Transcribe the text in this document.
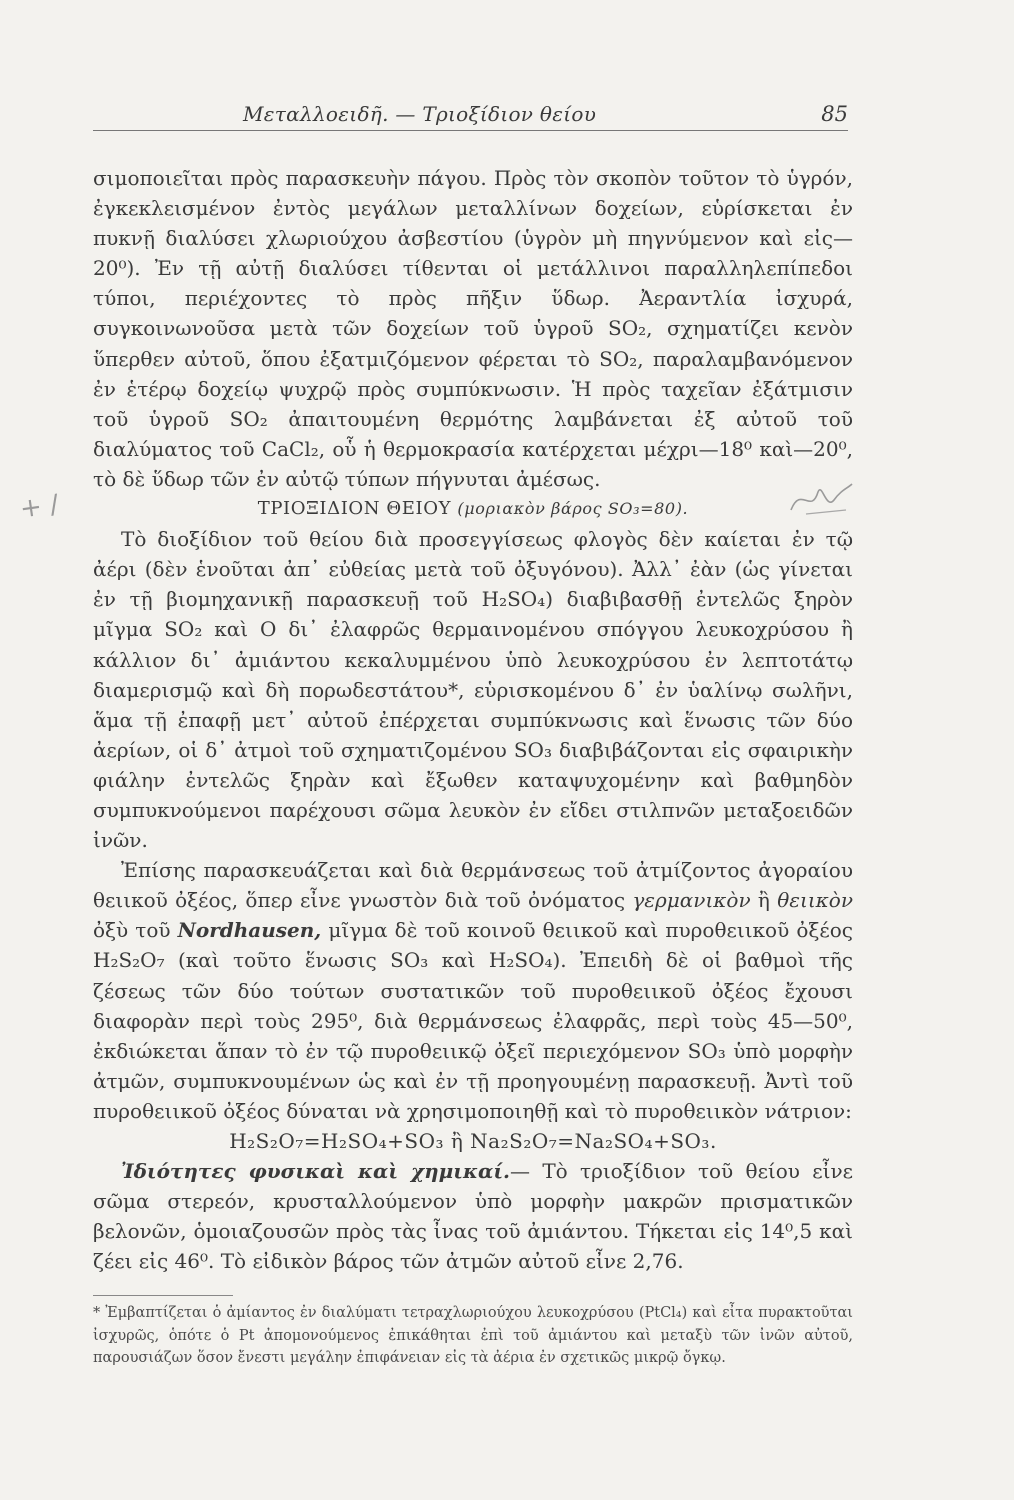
Μεταλλοειδῆ. — Τριοξίδιον θείου	85

σιμοποιεῖται πρὸς παρασκευὴν πάγου. Πρὸς τὸν σκοπὸν τοῦτον τὸ ὑγρόν, ἐγκεκλεισμένον ἐντὸς μεγάλων μεταλλίνων δοχείων, εὑρίσκεται ἐν πυκνῇ διαλύσει χλωριούχου ἀσβεστίου (ὑγρὸν μὴ πηγνύμενον καὶ εἰς—20⁰). Ἐν τῇ αὐτῇ διαλύσει τίθενται οἱ μετάλλινοι παραλληλεπίπεδοι τύποι, περιέχοντες τὸ πρὸς πῆξιν ὕδωρ. Ἀεραντλία ἰσχυρά, συγκοινωνοῦσα μετὰ τῶν δοχείων τοῦ ὑγροῦ SO₂, σχηματίζει κενὸν ὕπερθεν αὐτοῦ, ὅπου ἐξατμιζόμενον φέρεται τὸ SO₂, παραλαμβανόμενον ἐν ἑτέρῳ δοχείῳ ψυχρῷ πρὸς συμπύκνωσιν. Ἡ πρὸς ταχεῖαν ἐξάτμισιν τοῦ ὑγροῦ SO₂ ἀπαιτουμένη θερμότης λαμβάνεται ἐξ αὐτοῦ τοῦ διαλύματος τοῦ CaCl₂, οὗ ἡ θερμοκρασία κατέρχεται μέχρι—18⁰ καὶ—20⁰, τὸ δὲ ὕδωρ τῶν ἐν αὐτῷ τύπων πήγνυται ἀμέσως.

ΤΡΙΟΞΙΔΙΟΝ ΘΕΙΟΥ (μοριακὸν βάρος SO₃=80).

Τὸ διοξίδιον τοῦ θείου διὰ προσεγγίσεως φλογὸς δὲν καίεται ἐν τῷ ἀέρι (δὲν ἑνοῦται ἀπ᾽ εὐθείας μετὰ τοῦ ὀξυγόνου). Ἀλλ᾽ ἐὰν (ὡς γίνεται ἐν τῇ βιομηχανικῇ παρασκευῇ τοῦ H₂SO₄) διαβιβασθῇ ἐντελῶς ξηρὸν μῖγμα SO₂ καὶ O δι᾽ ἐλαφρῶς θερμαινομένου σπόγγου λευκοχρύσου ἢ κάλλιον δι᾽ ἀμιάντου κεκαλυμμένου ὑπὸ λευκοχρύσου ἐν λεπτοτάτῳ διαμερισμῷ καὶ δὴ πορωδεστάτου*, εὑρισκομένου δ᾽ ἐν ὑαλίνῳ σωλῆνι, ἅμα τῇ ἐπαφῇ μετ᾽ αὐτοῦ ἐπέρχεται συμπύκνωσις καὶ ἕνωσις τῶν δύο ἀερίων, οἱ δ᾽ ἀτμοὶ τοῦ σχηματιζομένου SO₃ διαβιβάζονται εἰς σφαιρικὴν φιάλην ἐντελῶς ξηρὰν καὶ ἔξωθεν καταψυχομένην καὶ βαθμηδὸν συμπυκνούμενοι παρέχουσι σῶμα λευκὸν ἐν εἴδει στιλπνῶν μεταξοειδῶν ἰνῶν.

Ἐπίσης παρασκευάζεται καὶ διὰ θερμάνσεως τοῦ ἀτμίζοντος ἀγοραίου θειικοῦ ὀξέος, ὅπερ εἶνε γνωστὸν διὰ τοῦ ὀνόματος γερμανικὸν ἢ θειικὸν ὀξὺ τοῦ Nordhausen, μῖγμα δὲ τοῦ κοινοῦ θειικοῦ καὶ πυροθειικοῦ ὀξέος H₂S₂O₇ (καὶ τοῦτο ἕνωσις SO₃ καὶ H₂SO₄). Ἐπειδὴ δὲ οἱ βαθμοὶ τῆς ζέσεως τῶν δύο τούτων συστατικῶν τοῦ πυροθειικοῦ ὀξέος ἔχουσι διαφορὰν περὶ τοὺς 295⁰, διὰ θερμάνσεως ἐλαφρᾶς, περὶ τοὺς 45—50⁰, ἐκδιώκεται ἅπαν τὸ ἐν τῷ πυροθειικῷ ὀξεῖ περιεχόμενον SO₃ ὑπὸ μορφὴν ἀτμῶν, συμπυκνουμένων ὡς καὶ ἐν τῇ προηγουμένῃ παρασκευῇ. Ἀντὶ τοῦ πυροθειικοῦ ὀξέος δύναται νὰ χρησιμοποιηθῇ καὶ τὸ πυροθειικὸν νάτριον:

H₂S₂O₇=H₂SO₄+SO₃ ἢ Na₂S₂O₇=Na₂SO₄+SO₃.

Ἰδιότητες φυσικαὶ καὶ χημικαί.— Τὸ τριοξίδιον τοῦ θείου εἶνε σῶμα στερεόν, κρυσταλλούμενον ὑπὸ μορφὴν μακρῶν πρισματικῶν βελονῶν, ὁμοιαζουσῶν πρὸς τὰς ἶνας τοῦ ἀμιάντου. Τήκεται εἰς 14⁰,5 καὶ ζέει εἰς 46⁰. Τὸ εἰδικὸν βάρος τῶν ἀτμῶν αὐτοῦ εἶνε 2,76.

* Ἐμβαπτίζεται ὁ ἀμίαντος ἐν διαλύματι τετραχλωριούχου λευκοχρύσου (PtCl₄) καὶ εἶτα πυρακτοῦται ἰσχυρῶς, ὁπότε ὁ Pt ἀπομονούμενος ἐπικάθηται ἐπὶ τοῦ ἀμιάντου καὶ μεταξὺ τῶν ἰνῶν αὐτοῦ, παρουσιάζων ὅσον ἔνεστι μεγάλην ἐπιφάνειαν εἰς τὰ ἀέρια ἐν σχετικῶς μικρῷ ὄγκῳ.

+ /
